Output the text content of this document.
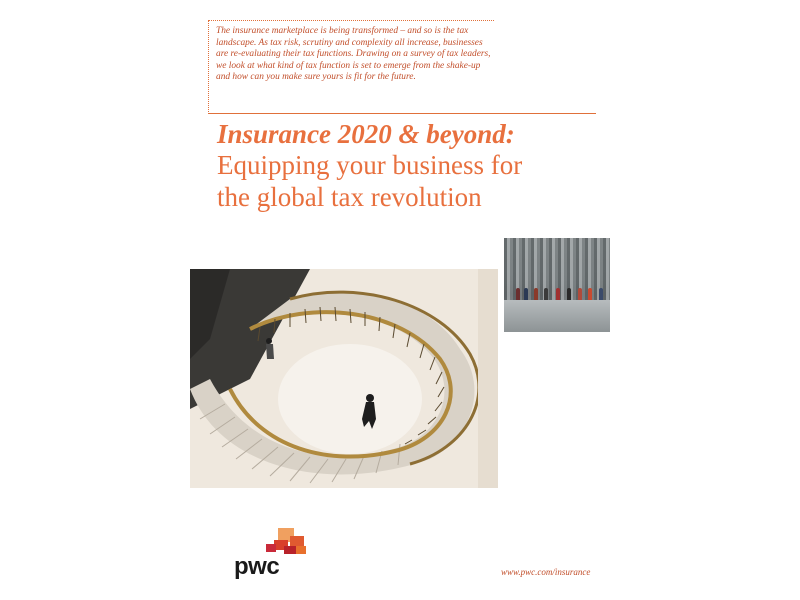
The insurance marketplace is being transformed – and so is the tax landscape. As tax risk, scrutiny and complexity all increase, businesses are re-evaluating their tax functions. Drawing on a survey of tax leaders, we look at what kind of tax function is set to emerge from the shake-up and how can you make sure yours is fit for the future.
Insurance 2020 & beyond:
Equipping your business for
the global tax revolution
pwc	www.pwc.com/insurance
